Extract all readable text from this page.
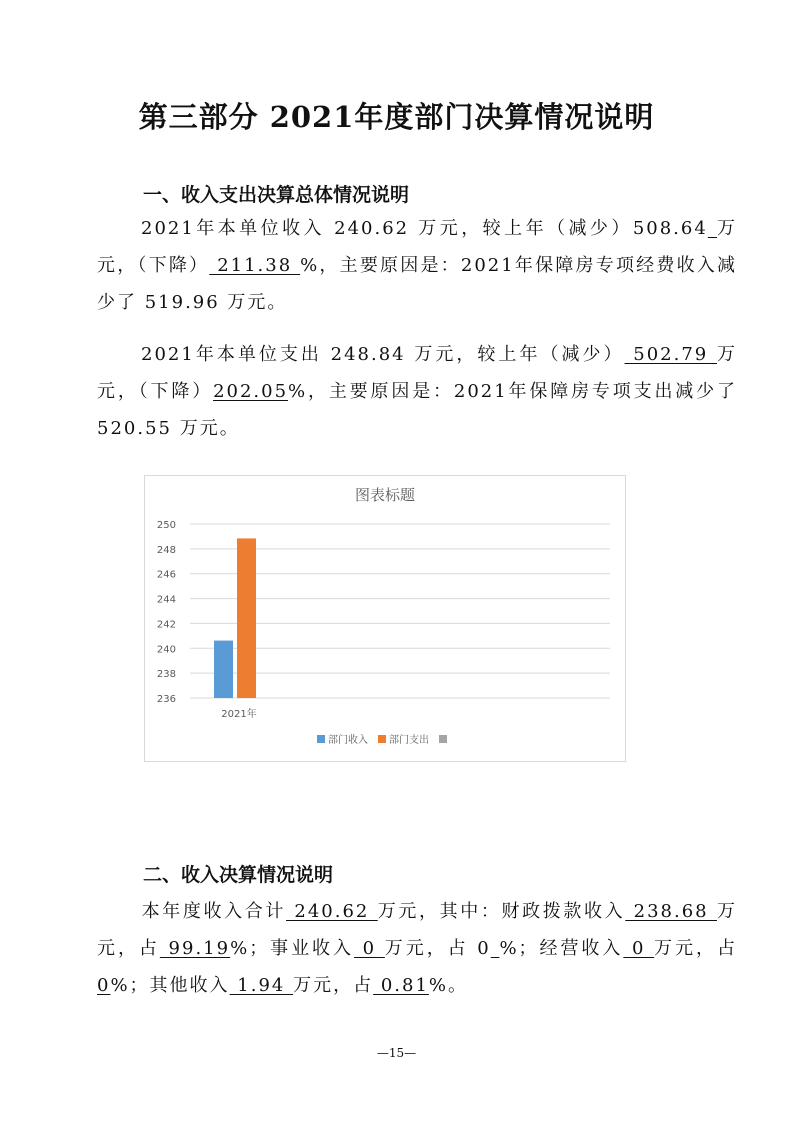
第三部分 2021年度部门决算情况说明
一、收入支出决算总体情况说明
2021年本单位收入 240.62 万元，较上年（减少）508.64 万元，（下降） 211.38 %，主要原因是：2021年保障房专项经费收入减少了 519.96 万元。
2021年本单位支出 248.84 万元，较上年（减少） 502.79 万元，（下降）202.05%，主要原因是：2021年保障房专项支出减少了 520.55 万元。
图表标题
236
238
240
242
244
246
248
250
2021年
部门收入 部门支出
二、收入决算情况说明
本年度收入合计 240.62 万元，其中：财政拨款收入 238.68 万元，占 99.19%；事业收入 0 万元，占 0 %；经营收入 0 万元，占 0%；其他收入 1.94 万元，占 0.81%。
—15—
